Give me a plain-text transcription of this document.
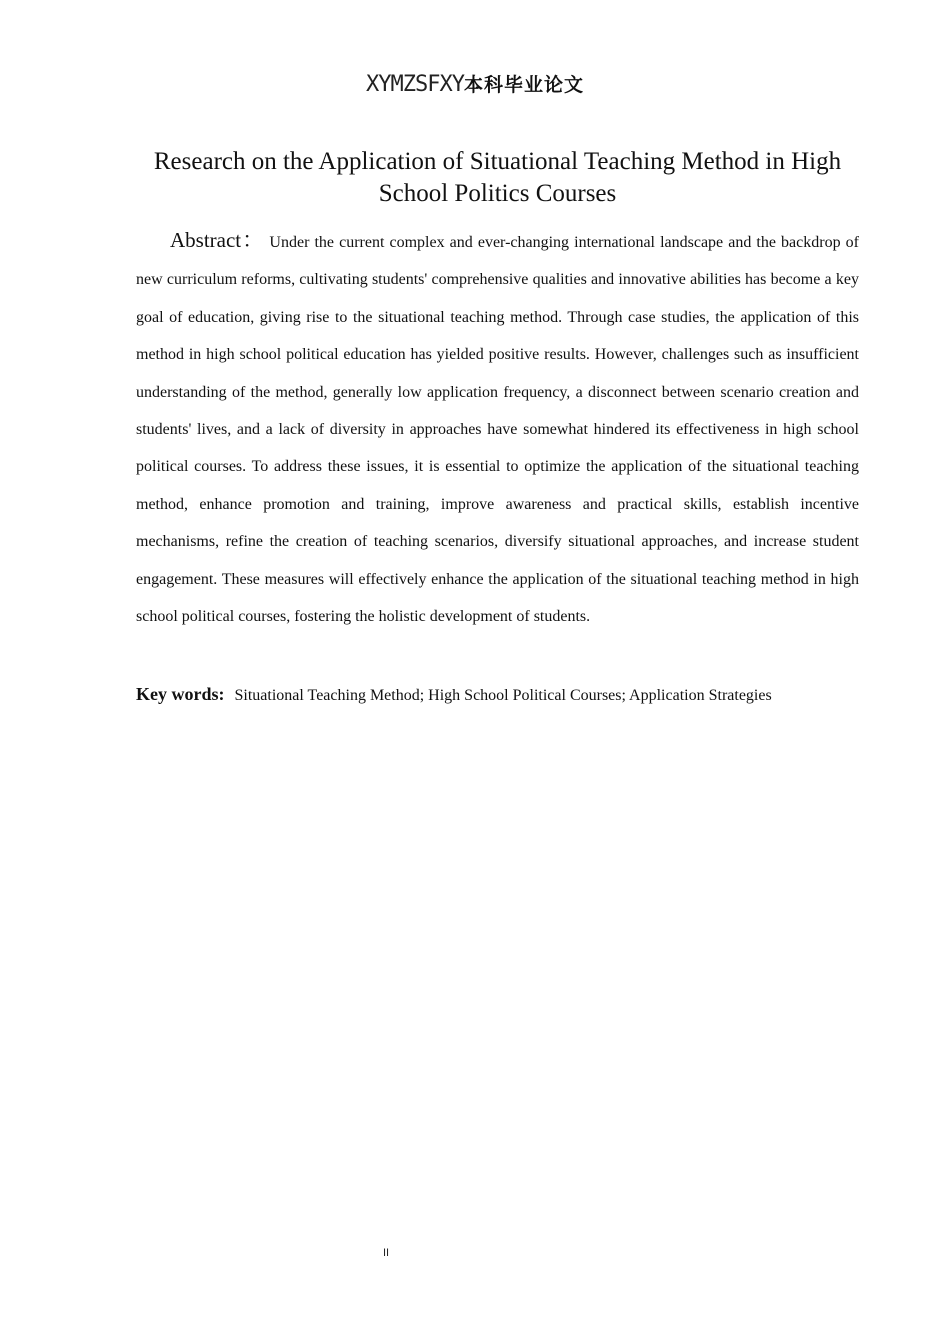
XYMZSFXY本科毕业论文
Research on the Application of Situational Teaching Method in High School Politics Courses

Abstract： Under the current complex and ever-changing international landscape and the backdrop of new curriculum reforms, cultivating students' comprehensive qualities and innovative abilities has become a key goal of education, giving rise to the situational teaching method. Through case studies, the application of this method in high school political education has yielded positive results. However, challenges such as insufficient understanding of the method, generally low application frequency, a disconnect between scenario creation and students' lives, and a lack of diversity in approaches have somewhat hindered its effectiveness in high school political courses. To address these issues, it is essential to optimize the application of the situational teaching method, enhance promotion and training, improve awareness and practical skills, establish incentive mechanisms, refine the creation of teaching scenarios, diversify situational approaches, and increase student engagement. These measures will effectively enhance the application of the situational teaching method in high school political courses, fostering the holistic development of students.

Key words: Situational Teaching Method; High School Political Courses; Application Strategies
II
